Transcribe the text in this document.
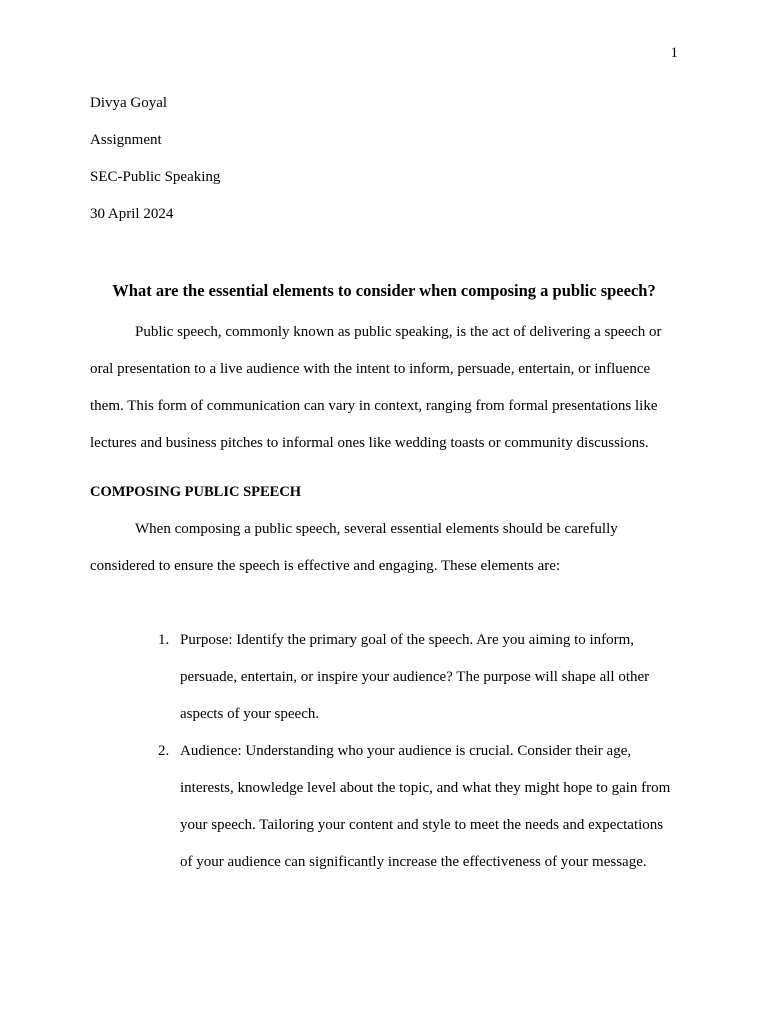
1
Divya Goyal
Assignment
SEC-Public Speaking
30 April 2024
What are the essential elements to consider when composing a public speech?
Public speech, commonly known as public speaking, is the act of delivering a speech or
oral presentation to a live audience with the intent to inform, persuade, entertain, or influence
them. This form of communication can vary in context, ranging from formal presentations like
lectures and business pitches to informal ones like wedding toasts or community discussions.
COMPOSING PUBLIC SPEECH
When composing a public speech, several essential elements should be carefully
considered to ensure the speech is effective and engaging. These elements are:
1. Purpose: Identify the primary goal of the speech. Are you aiming to inform,
persuade, entertain, or inspire your audience? The purpose will shape all other
aspects of your speech.
2. Audience: Understanding who your audience is crucial. Consider their age,
interests, knowledge level about the topic, and what they might hope to gain from
your speech. Tailoring your content and style to meet the needs and expectations
of your audience can significantly increase the effectiveness of your message.
